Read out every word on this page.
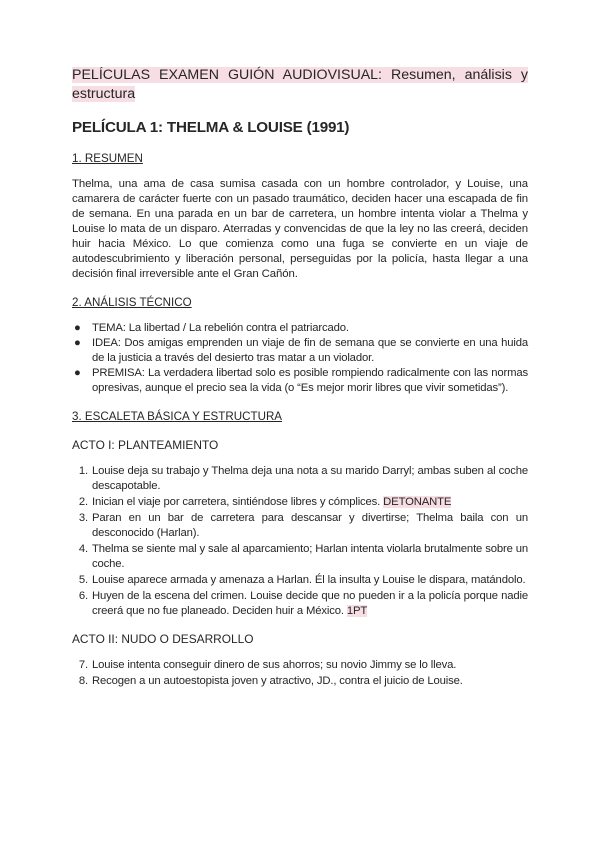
PELÍCULAS EXAMEN GUIÓN AUDIOVISUAL: Resumen, análisis y estructura
PELÍCULA 1: THELMA & LOUISE (1991)
1. RESUMEN

Thelma, una ama de casa sumisa casada con un hombre controlador, y Louise, una camarera de carácter fuerte con un pasado traumático, deciden hacer una escapada de fin de semana. En una parada en un bar de carretera, un hombre intenta violar a Thelma y Louise lo mata de un disparo. Aterradas y convencidas de que la ley no las creerá, deciden huir hacia México. Lo que comienza como una fuga se convierte en un viaje de autodescubrimiento y liberación personal, perseguidas por la policía, hasta llegar a una decisión final irreversible ante el Gran Cañón.

2. ANÁLISIS TÉCNICO
● TEMA: La libertad / La rebelión contra el patriarcado.
● IDEA: Dos amigas emprenden un viaje de fin de semana que se convierte en una huida de la justicia a través del desierto tras matar a un violador.
● PREMISA: La verdadera libertad solo es posible rompiendo radicalmente con las normas opresivas, aunque el precio sea la vida (o “Es mejor morir libres que vivir sometidas”).
3. ESCALETA BÁSICA Y ESTRUCTURA
ACTO I: PLANTEAMIENTO
1. Louise deja su trabajo y Thelma deja una nota a su marido Darryl; ambas suben al coche descapotable.
2. Inician el viaje por carretera, sintiéndose libres y cómplices. DETONANTE
3. Paran en un bar de carretera para descansar y divertirse; Thelma baila con un desconocido (Harlan).
4. Thelma se siente mal y sale al aparcamiento; Harlan intenta violarla brutalmente sobre un coche.
5. Louise aparece armada y amenaza a Harlan. Él la insulta y Louise le dispara, matándolo.
6. Huyen de la escena del crimen. Louise decide que no pueden ir a la policía porque nadie creerá que no fue planeado. Deciden huir a México. 1PT
ACTO II: NUDO O DESARROLLO
7. Louise intenta conseguir dinero de sus ahorros; su novio Jimmy se lo lleva.
8. Recogen a un autoestopista joven y atractivo, JD., contra el juicio de Louise.
